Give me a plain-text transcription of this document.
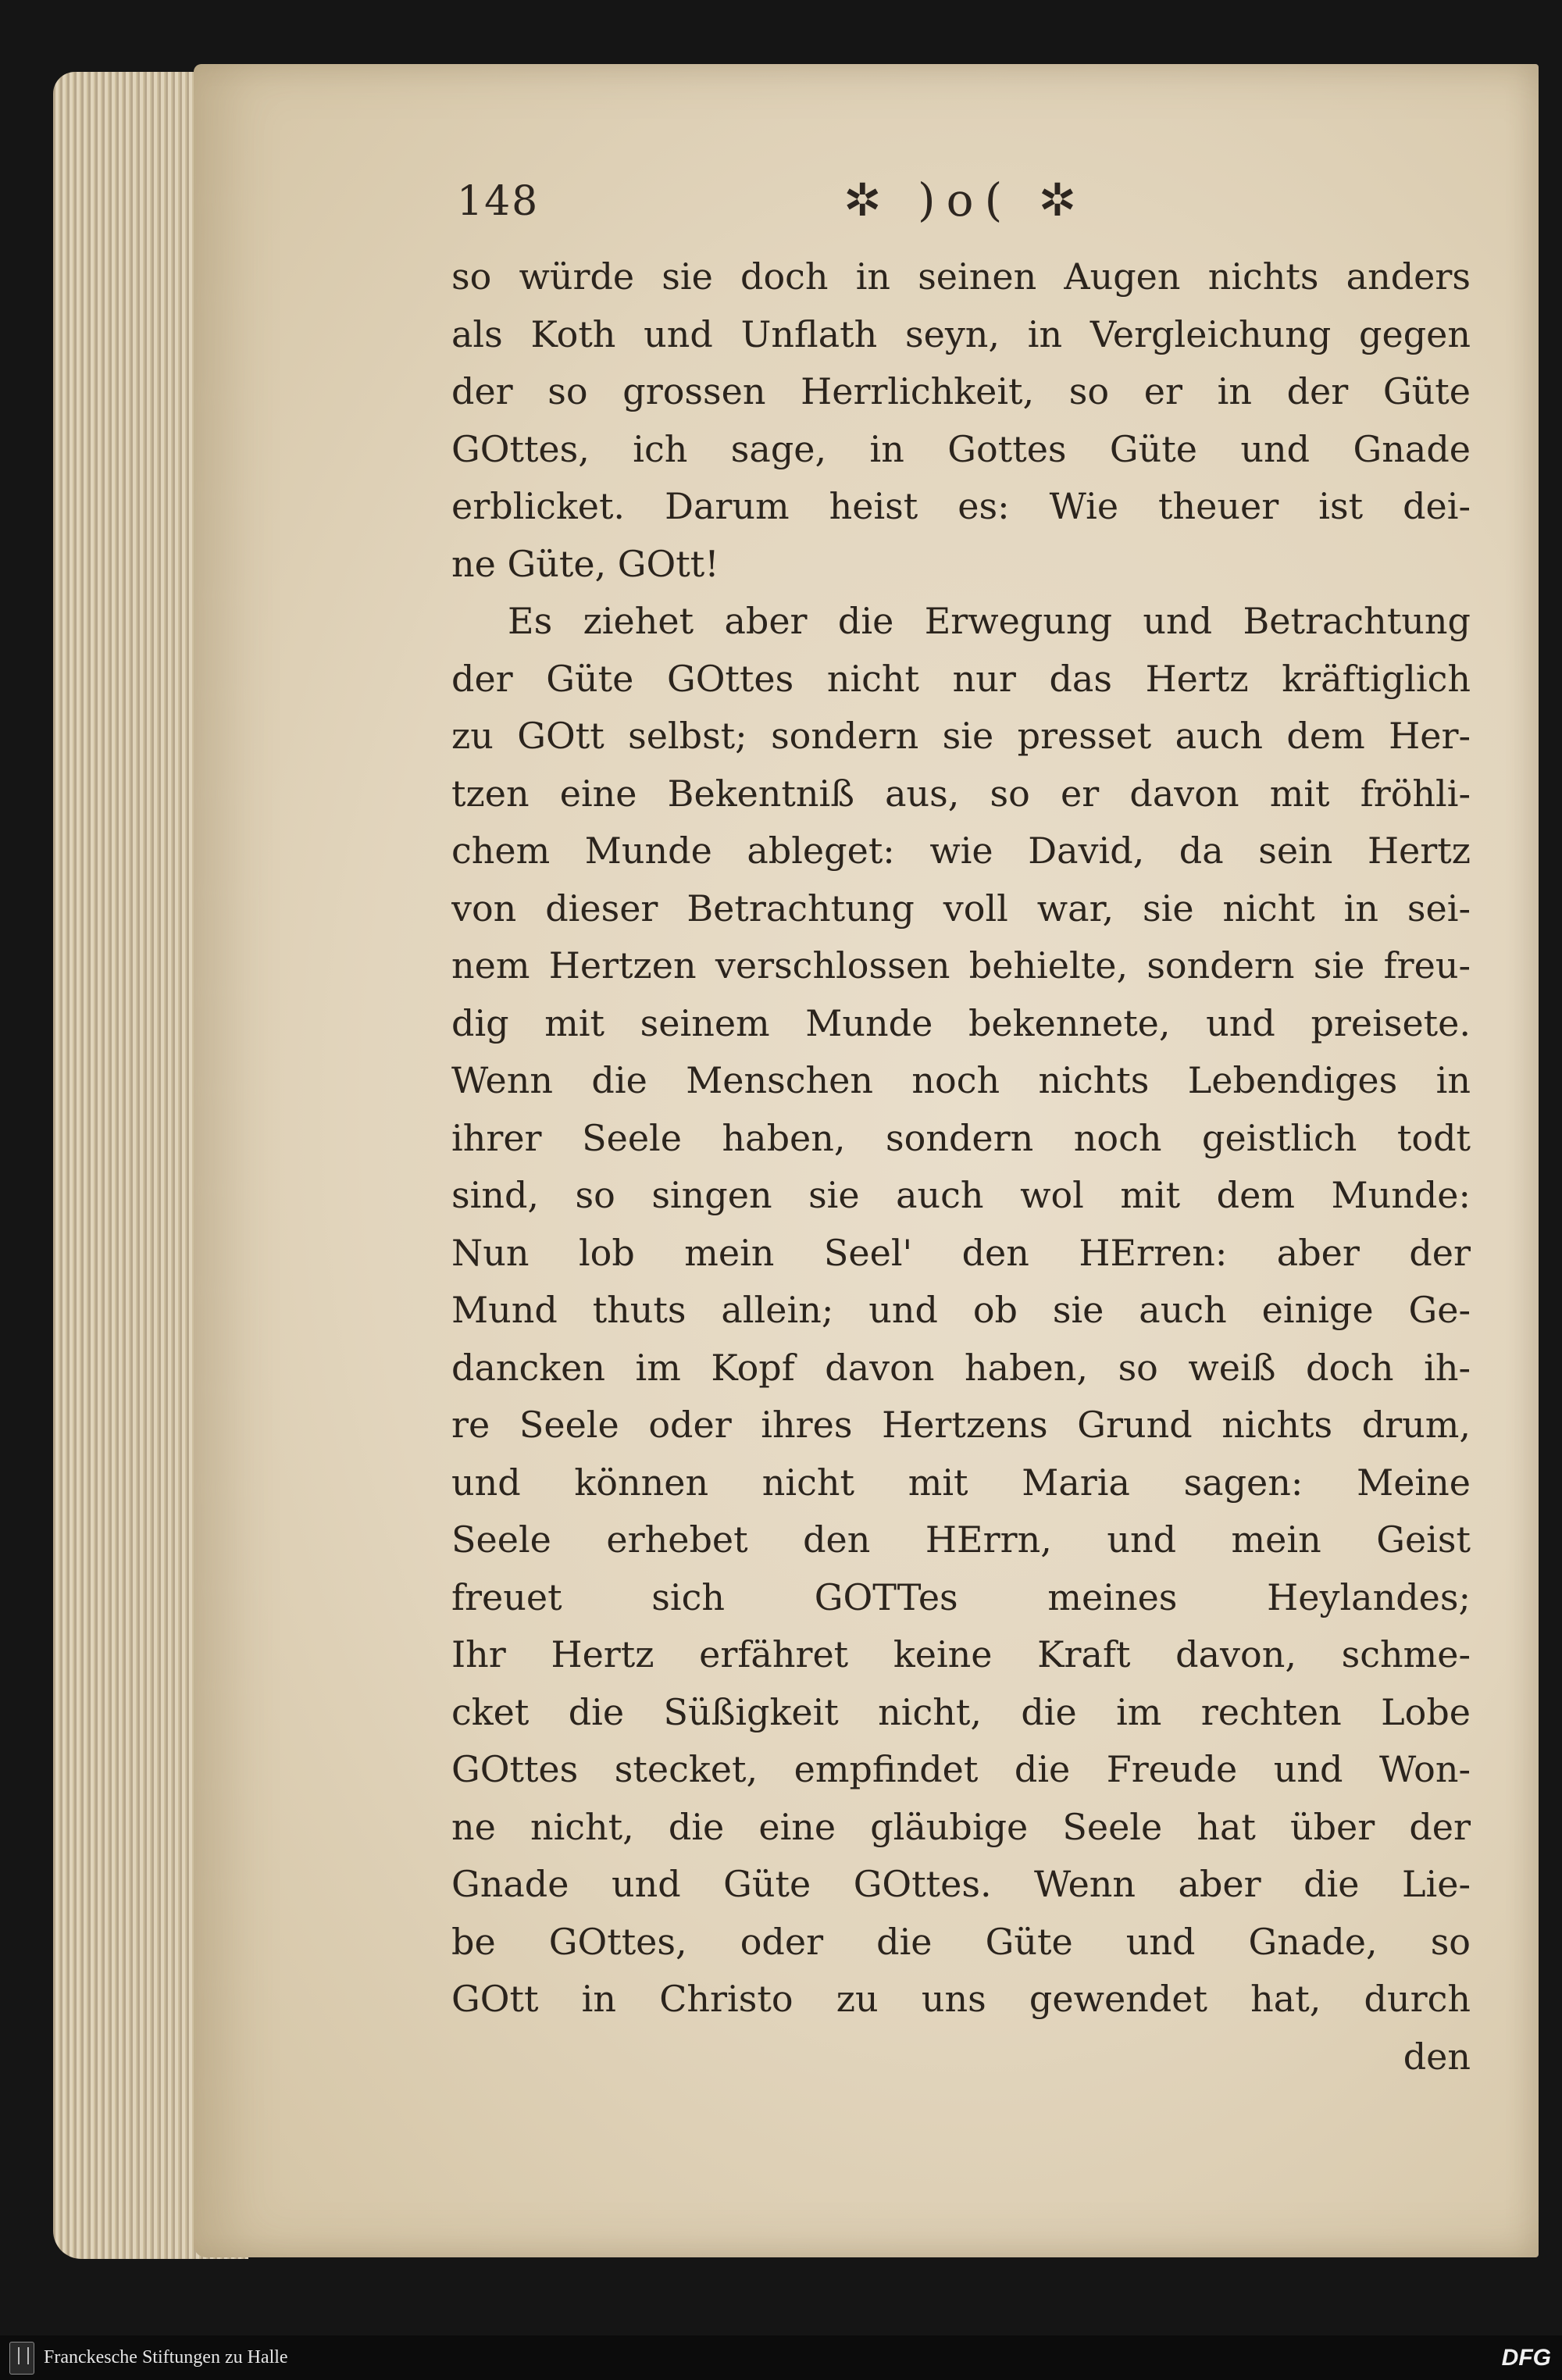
148	✲ )o( ✲
so würde sie doch in seinen Augen nichts anders
als Koth und Unflath seyn, in Vergleichung gegen
der so grossen Herrlichkeit, so er in der Güte
GOttes, ich sage, in Gottes Güte und Gnade
erblicket. Darum heist es: Wie theuer ist dei-
ne Güte, GOtt!
Es ziehet aber die Erwegung und Betrachtung
der Güte GOttes nicht nur das Hertz kräftiglich
zu GOtt selbst; sondern sie presset auch dem Her-
tzen eine Bekentniß aus, so er davon mit fröhli-
chem Munde ableget: wie David, da sein Hertz
von dieser Betrachtung voll war, sie nicht in sei-
nem Hertzen verschlossen behielte, sondern sie freu-
dig mit seinem Munde bekennete, und preisete.
Wenn die Menschen noch nichts Lebendiges in
ihrer Seele haben, sondern noch geistlich todt
sind, so singen sie auch wol mit dem Munde:
Nun lob mein Seel' den HErren: aber der
Mund thuts allein; und ob sie auch einige Ge-
dancken im Kopf davon haben, so weiß doch ih-
re Seele oder ihres Hertzens Grund nichts drum,
und können nicht mit Maria sagen: Meine
Seele erhebet den HErrn, und mein Geist
freuet sich GOTTes meines Heylandes;
Ihr Hertz erfähret keine Kraft davon, schme-
cket die Süßigkeit nicht, die im rechten Lobe
GOttes stecket, empfindet die Freude und Won-
ne nicht, die eine gläubige Seele hat über der
Gnade und Güte GOttes. Wenn aber die Lie-
be GOttes, oder die Güte und Gnade, so
GOtt in Christo zu uns gewendet hat, durch
den
Franckesche Stiftungen zu Halle	DFG
